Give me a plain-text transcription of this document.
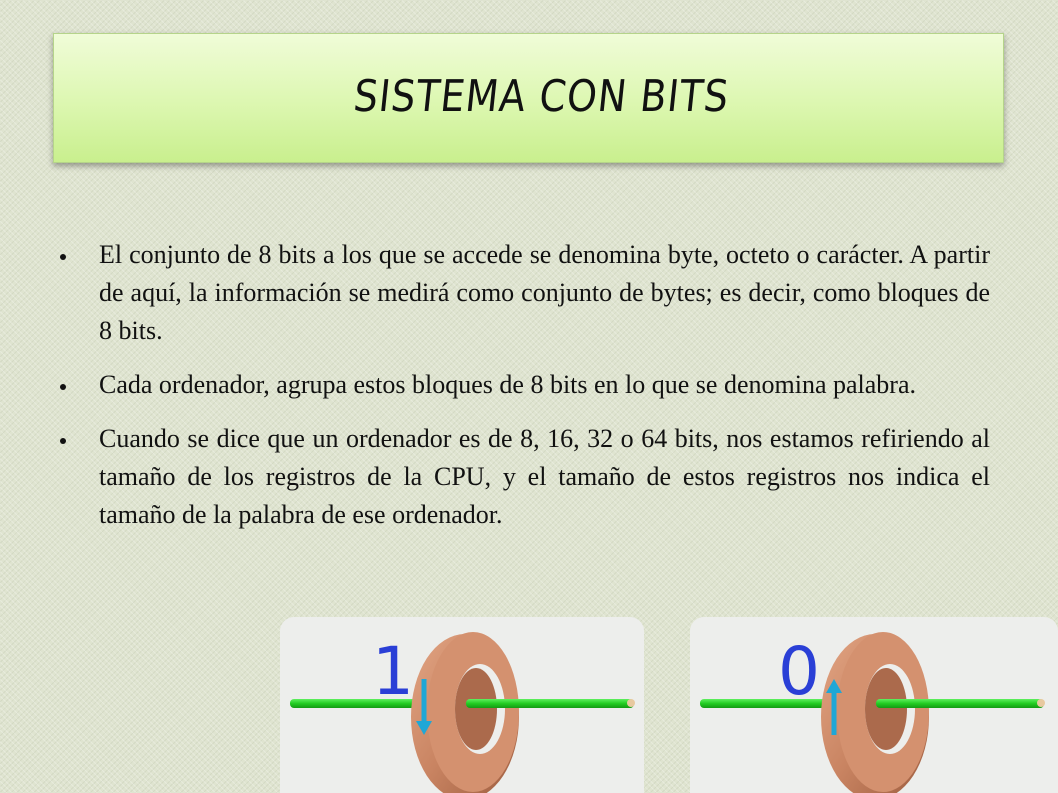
SISTEMA CON BITS
El conjunto de 8 bits a los que se accede se denomina byte, octeto o carácter. A partir de aquí, la información se medirá como conjunto de bytes; es decir, como bloques de 8 bits.
Cada ordenador, agrupa estos bloques de 8 bits en lo que se denomina palabra.
Cuando se dice que un ordenador es de 8, 16, 32 o 64 bits, nos estamos refiriendo al tamaño de los registros de la CPU, y el tamaño de estos registros nos indica el tamaño de la palabra de ese ordenador.
1	0
